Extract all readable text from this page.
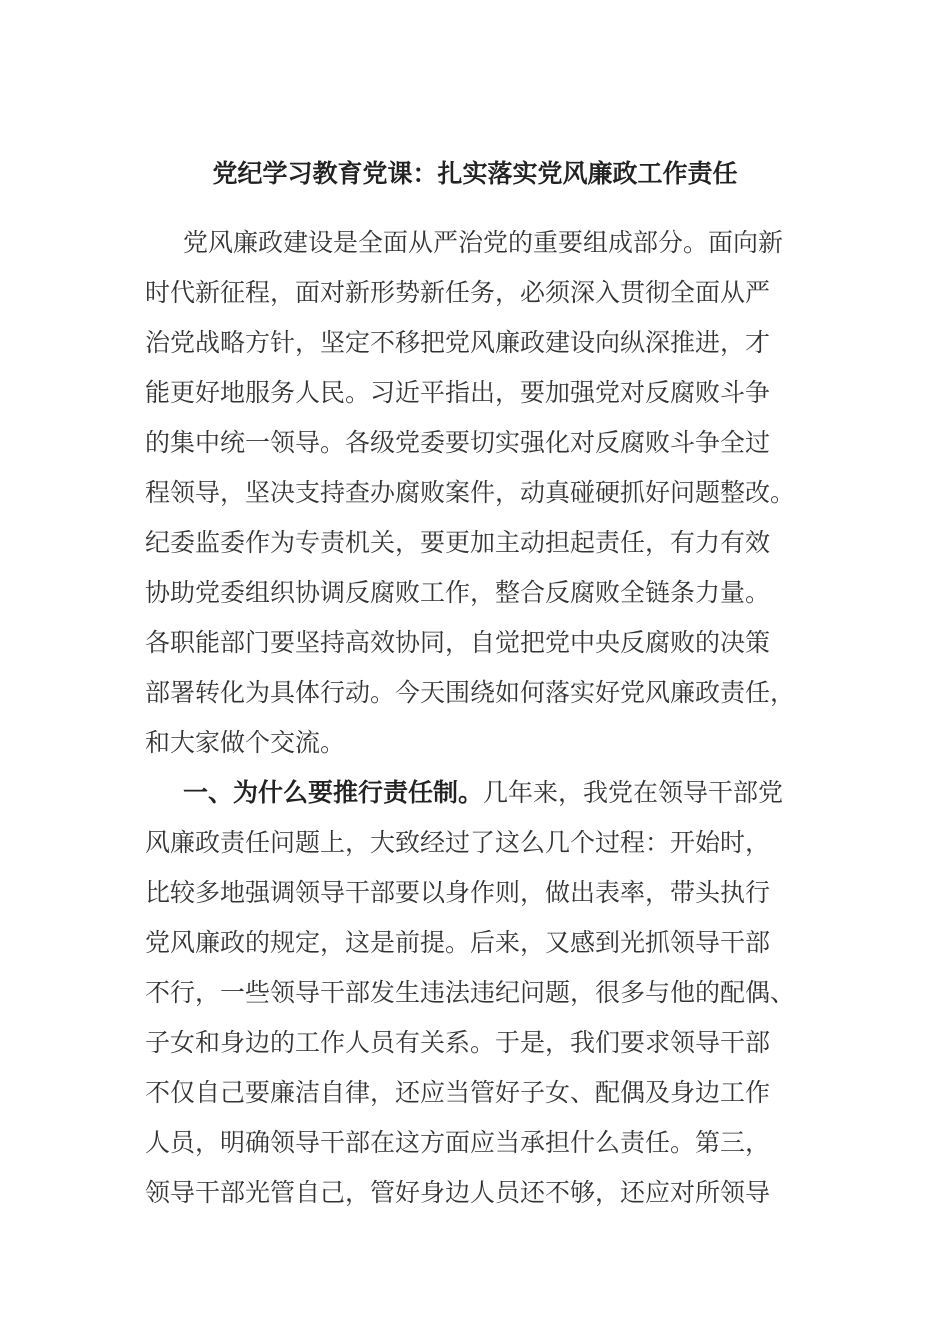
党纪学习教育党课：扎实落实党风廉政工作责任
党风廉政建设是全面从严治党的重要组成部分。面向新
时代新征程，面对新形势新任务，必须深入贯彻全面从严
治党战略方针，坚定不移把党风廉政建设向纵深推进，才
能更好地服务人民。习近平指出，要加强党对反腐败斗争
的集中统一领导。各级党委要切实强化对反腐败斗争全过
程领导，坚决支持查办腐败案件，动真碰硬抓好问题整改。
纪委监委作为专责机关，要更加主动担起责任，有力有效
协助党委组织协调反腐败工作，整合反腐败全链条力量。
各职能部门要坚持高效协同，自觉把党中央反腐败的决策
部署转化为具体行动。今天围绕如何落实好党风廉政责任，
和大家做个交流。
一、为什么要推行责任制。几年来，我党在领导干部党
风廉政责任问题上，大致经过了这么几个过程：开始时，
比较多地强调领导干部要以身作则，做出表率，带头执行
党风廉政的规定，这是前提。后来，又感到光抓领导干部
不行，一些领导干部发生违法违纪问题，很多与他的配偶、
子女和身边的工作人员有关系。于是，我们要求领导干部
不仅自己要廉洁自律，还应当管好子女、配偶及身边工作
人员，明确领导干部在这方面应当承担什么责任。第三，
领导干部光管自己，管好身边人员还不够，还应对所领导
